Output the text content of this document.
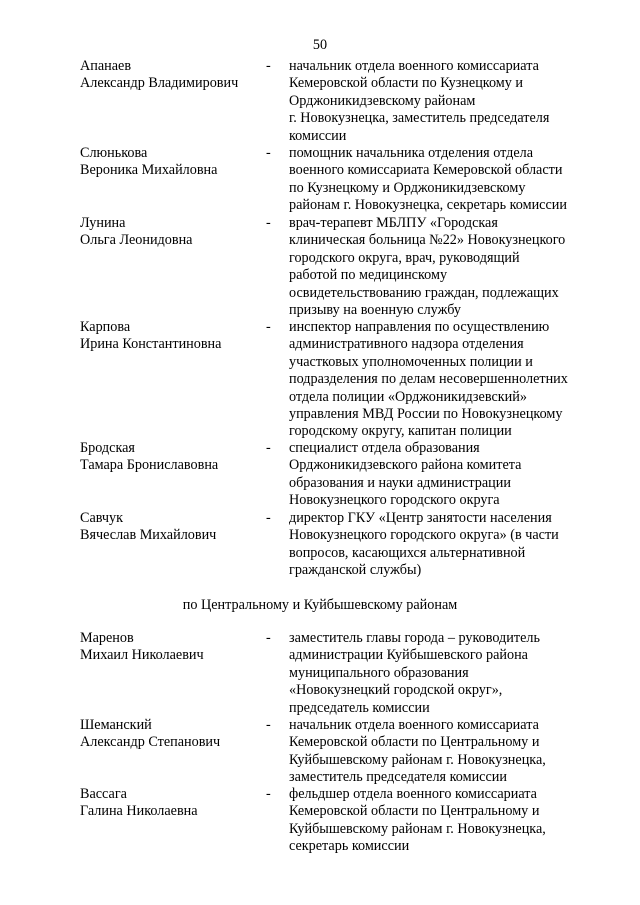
50
Апанаев
Александр Владимирович
-	начальник отдела военного комиссариата
Кемеровской области по Кузнецкому и
Орджоникидзевскому районам
г. Новокузнецка, заместитель председателя
комиссии
Слюнькова
Вероника Михайловна
-	помощник начальника отделения отдела
военного комиссариата Кемеровской области
по Кузнецкому и Орджоникидзевскому
районам г. Новокузнецка, секретарь комиссии
Лунина
Ольга Леонидовна
-	врач-терапевт МБЛПУ «Городская
клиническая больница №22» Новокузнецкого
городского округа, врач, руководящий
работой по медицинскому
освидетельствованию граждан, подлежащих
призыву на военную службу
Карпова
Ирина Константиновна
-	инспектор направления по осуществлению
административного надзора отделения
участковых уполномоченных полиции и
подразделения по делам несовершеннолетних
отдела полиции «Орджоникидзевский»
управления МВД России по Новокузнецкому
городскому округу, капитан полиции
Бродская
Тамара Брониславовна
-	специалист отдела образования
Орджоникидзевского района комитета
образования и науки администрации
Новокузнецкого городского округа
Савчук
Вячеслав Михайлович
-	директор ГКУ «Центр занятости населения
Новокузнецкого городского округа» (в части
вопросов, касающихся альтернативной
гражданской службы)
по Центральному и Куйбышевскому районам
Маренов
Михаил Николаевич
-	заместитель главы города – руководитель
администрации Куйбышевского района
муниципального образования
«Новокузнецкий городской округ»,
председатель комиссии
Шеманский
Александр Степанович
-	начальник отдела военного комиссариата
Кемеровской области по Центральному и
Куйбышевскому районам г. Новокузнецка,
заместитель председателя комиссии
Вассага
Галина Николаевна
-	фельдшер отдела военного комиссариата
Кемеровской области по Центральному и
Куйбышевскому районам г. Новокузнецка,
секретарь комиссии
